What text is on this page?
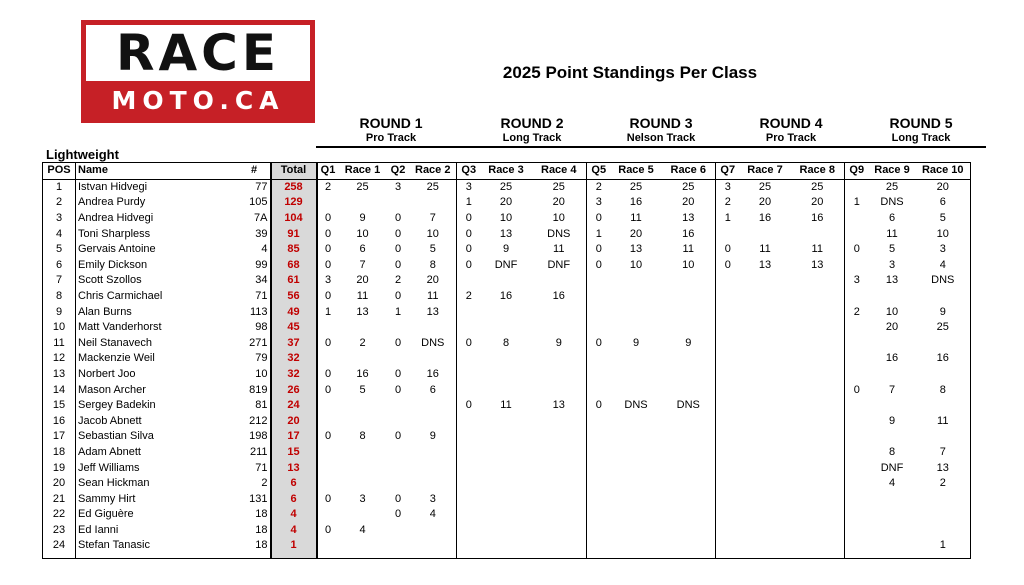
RACE
MOTO.CA
2025 Point Standings Per Class
ROUND 1
Pro Track
ROUND 2
Long Track
ROUND 3
Nelson Track
ROUND 4
Pro Track
ROUND 5
Long Track
Lightweight
POS	Name	#	Total	Q1	Race 1	Q2	Race 2	Q3	Race 3	Race 4	Q5	Race 5	Race 6	Q7	Race 7	Race 8	Q9	Race 9	Race 10
1	Istvan Hidvegi	77	258	2	25	3	25	3	25	25	2	25	25	3	25	25		25	20
2	Andrea Purdy	105	129					1	20	20	3	16	20	2	20	20	1	DNS	6
3	Andrea Hidvegi	7A	104	0	9	0	7	0	10	10	0	11	13	1	16	16		6	5
4	Toni Sharpless	39	91	0	10	0	10	0	13	DNS	1	20	16					11	10
5	Gervais Antoine	4	85	0	6	0	5	0	9	11	0	13	11	0	11	11	0	5	3
6	Emily Dickson	99	68	0	7	0	8	0	DNF	DNF	0	10	10	0	13	13		3	4
7	Scott Szollos	34	61	3	20	2	20										3	13	DNS
8	Chris Carmichael	71	56	0	11	0	11	2	16	16									
9	Alan Burns	113	49	1	13	1	13										2	10	9
10	Matt Vanderhorst	98	45															20	25
11	Neil Stanavech	271	37	0	2	0	DNS	0	8	9	0	9	9						
12	Mackenzie Weil	79	32															16	16
13	Norbert Joo	10	32	0	16	0	16												
14	Mason Archer	819	26	0	5	0	6										0	7	8
15	Sergey Badekin	81	24					0	11	13	0	DNS	DNS						
16	Jacob Abnett	212	20															9	11
17	Sebastian Silva	198	17	0	8	0	9												
18	Adam Abnett	211	15															8	7
19	Jeff Williams	71	13															DNF	13
20	Sean Hickman	2	6															4	2
21	Sammy Hirt	131	6	0	3	0	3												
22	Ed Giguère	18	4			0	4												
23	Ed Ianni	18	4	0	4														
24	Stefan Tanasic	18	1																1
